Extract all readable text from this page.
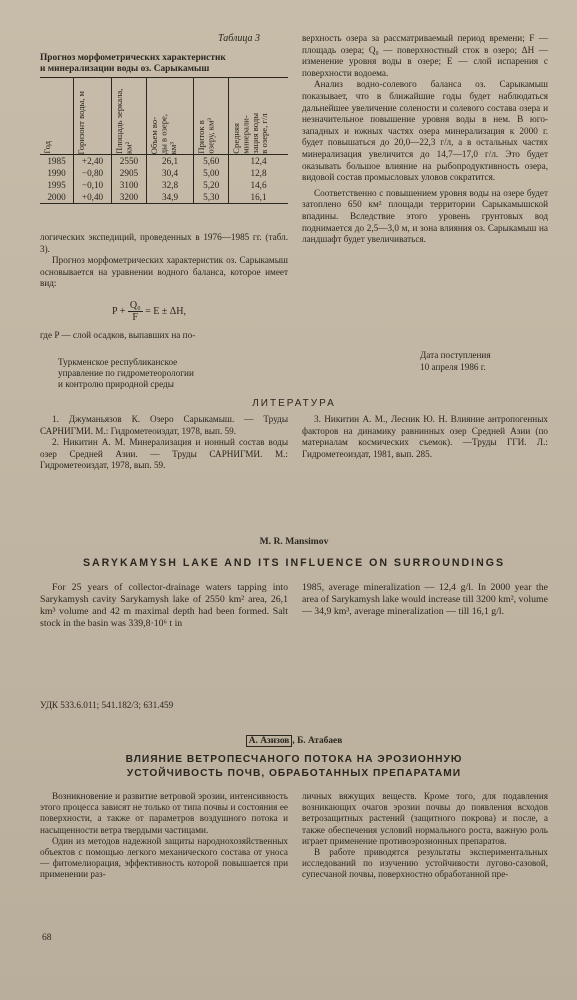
Таблица 3
Прогноз морфометрических характеристик
и минерализации воды оз. Сарыкамыш
Год	Горизонт воды, м	Площадь зеркала, км²	Объем во-
ды в озере,
км³	Приток в
озеру, км³	Средняя
минерали-
зация воды
в озере, г/л

1985	+2,40	2550	26,1	5,60	12,4
1990	−0,80	2905	30,4	5,00	12,8
1995	−0,10	3100	32,8	5,20	14,6
2000	+0,40	3200	34,9	5,30	16,1

логических экспедиций, проведенных в 1976—1985 гг. (табл. 3).

Прогноз морфометрических характеристик оз. Сарыкамыш основывается на уравнении водного баланса, которое имеет вид:

$P + \frac{\text{Q₀}}{F} = E \pm \Delta H$,

где P — слой осадков, выпавших на по-

Туркменское республиканское
управление по гидрометеорологии
и контролю природной среды

верхность озера за рассматриваемый период времени; F — площадь озера; Q₀ — поверхностный сток в озеро; ΔH — изменение уровня воды в озере; E — слой испарения с поверхности водоема.

Анализ водно-солевого баланса оз. Сарыкамыш показывает, что в ближайшие годы будет наблюдаться дальнейшее увеличение солености и солевого состава озера и незначительное повышение уровня воды в нем. В юго-западных и южных частях озера минерализация к 2000 г. будет повышаться до 20,0—22,3 г/л, а в остальных частях минерализация увеличится до 14,7—17,0 г/л. Это будет оказывать большое влияние на рыбопродуктивность озера, видовой состав промысловых уловов сократится.

Соответственно с повышением уровня воды на озере будет затоплено 650 км² площади территории Сарыкамышской впадины. Вследствие этого уровень грунтовых вод поднимается до 2,5—3,0 м, и зона влияния оз. Сарыкамыш на ландшафт будет увеличиваться.

Дата поступления
10 апреля 1986 г.
ЛИТЕРАТУРА

1. Джуманьязов К. Озеро Сарыкамыш. — Труды САРНИГМИ. М.: Гидрометеоиздат, 1978, вып. 59.

2. Никитин А. М. Минерализация и ионный состав воды озер Средней Азии. — Труды САРНИГМИ. М.: Гидрометеоиздат, 1978, вып. 59.

3. Никитин А. М., Лесник Ю. Н. Влияние антропогенных факторов на динамику равнинных озер Средней Азии (по материалам космических съемок). —Труды ГГИ. Л.: Гидрометеоиздат, 1981, вып. 285.

M. R. Mansimov
SARYKAMYSH LAKE AND ITS INFLUENCE ON SURROUNDINGS

For 25 years of collector-drainage waters tapping into Sarykamysh cavity Sarykamysh lake of 2550 km² area, 26,1 km³ volume and 42 m maximal depth had been formed. Salt stock in the basin was 339,8·10⁶ t in

1985, average mineralization — 12,4 g/l. In 2000 year the area of Sarykamysh lake would increase till 3200 km², volume — 34,9 km³, average mineralization — till 16,1 g/l.

УДК 533.6.011; 541.182/3; 631.459
А. Азизов , Б. Атабаев
ВЛИЯНИЕ ВЕТРОПЕСЧАНОГО ПОТОКА НА ЭРОЗИОННУЮ
УСТОЙЧИВОСТЬ ПОЧВ, ОБРАБОТАННЫХ ПРЕПАРАТАМИ

Возникновение и развитие ветровой эрозии, интенсивность этого процесса зависят не только от типа почвы и состояния ее поверхности, а также от параметров воздушного потока и насыщенности ветра твердыми частицами.

Один из методов надежной защиты народнохозяйственных объектов с помощью легкого механического состава от уноса — фитомелиорация, эффективность которой повышается при применении раз-

личных вяжущих веществ. Кроме того, для подавления возникающих очагов эрозии почвы до появления всходов ветрозащитных растений (защитного покрова) и после, а также обеспечения условий нормального роста, важную роль играет применение противоэрозионных препаратов.

В работе приводятся результаты экспериментальных исследований по изучению устойчивости лугово-сазовой, супесчаной почвы, поверхностно обработанной пре-

68
